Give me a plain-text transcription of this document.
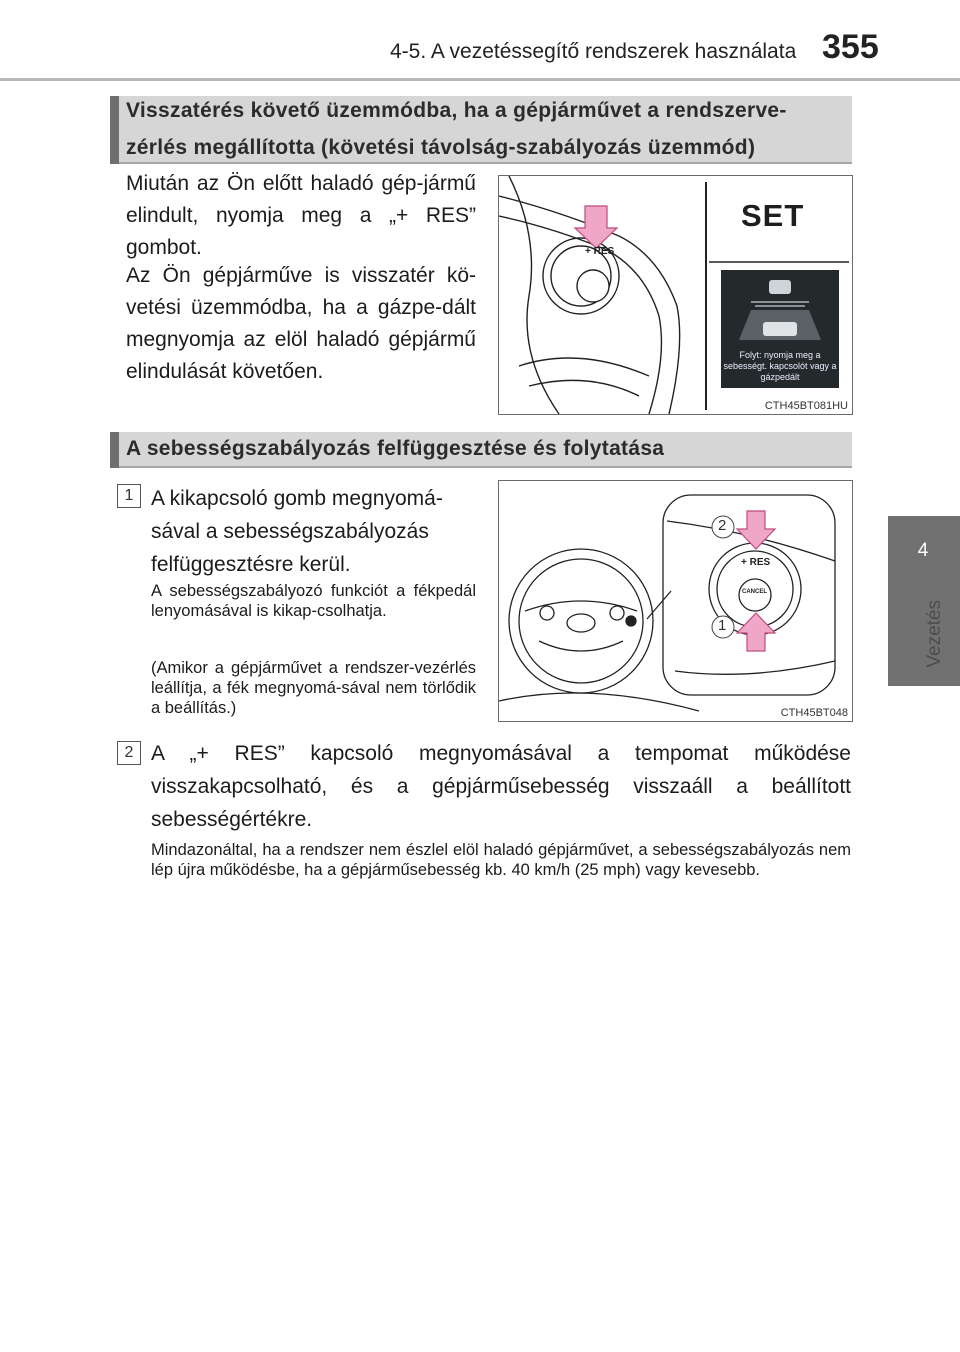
4-5. A vezetéssegítő rendszerek használata 355
4
Vezetés
Visszatérés követő üzemmódba, ha a gépjárművet a rendszerve-zérlés megállította (követési távolság-szabályozás üzemmód)
Miután az Ön előtt haladó gép-jármű elindult, nyomja meg a „+ RES” gombot.
Az Ön gépjárműve is visszatér kö-vetési üzemmódba, ha a gázpe-dált megnyomja az elöl haladó gépjármű elindulását követően.
+ RES
SET
Folyt: nyomja meg a sebességt. kapcsolót vagy a gázpedált
CTH45BT081HU
A sebességszabályozás felfüggesztése és folytatása
1 A kikapcsoló gomb megnyomá-sával a sebességszabályozás felfüggesztésre kerül.
A sebességszabályozó funkciót a fékpedál lenyomásával is kikap-csolhatja.
(Amikor a gépjárművet a rendszer-vezérlés leállítja, a fék megnyomá-sával nem törlődik a beállítás.)
2 A „+ RES” kapcsoló megnyomásával a tempomat működése visszakapcsolható, és a gépjárműsebesség visszaáll a beállított sebességértékre.
Mindazonáltal, ha a rendszer nem észlel elöl haladó gépjárművet, a sebességszabályozás nem lép újra működésbe, ha a gépjárműsebesség kb. 40 km/h (25 mph) vagy kevesebb.
2
1
+ RES
CANCEL
CTH45BT048
